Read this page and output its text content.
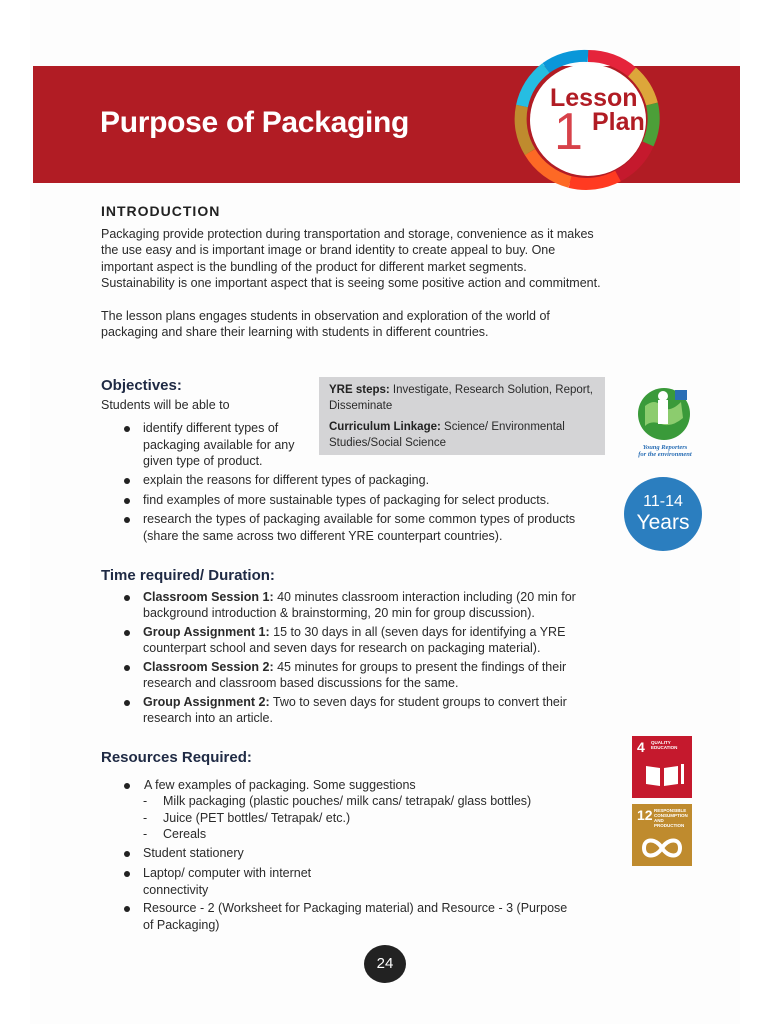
Purpose of Packaging
Lesson
1 Plan
INTRODUCTION

Packaging provide protection during transportation and storage, convenience as it makes the use easy and is important image or brand identity to create appeal to buy. One important aspect is the bundling of the product for different market segments. Sustainability is one important aspect that is seeing some positive action and commitment.

The lesson plans engages students in observation and exploration of the world of packaging and share their learning with students in different countries.

Objectives:

Students will be able to

identify different types of packaging available for any given type of product.
explain the reasons for different types of packaging.
find examples of more sustainable types of packaging for select products.
research the types of packaging available for some common types of products (share the same across two different YRE counterpart countries).

YRE steps: Investigate, Research Solution, Report, Disseminate

Curriculum Linkage: Science/ Environmental Studies/Social Science	Young Reporters
for the environment
11-14
Years
Time required/ Duration:
Classroom Session 1: 40 minutes classroom interaction including (20 min for background introduction & brainstorming, 20 min for group discussion).
Group Assignment 1: 15 to 30 days in all (seven days for identifying a YRE counterpart school and seven days for research on packaging material).
Classroom Session 2: 45 minutes for groups to present the findings of their research and classroom based discussions for the same.
Group Assignment 2: Two to seven days for student groups to convert their research into an article.
Resources Required:
A few examples of packaging. Some suggestions
- Milk packaging (plastic pouches/ milk cans/ tetrapak/ glass bottles)
- Juice (PET bottles/ Tetrapak/ etc.)
- Cereals
Student stationery
Laptop/ computer with internet
connectivity
Resource - 2 (Worksheet for Packaging material) and Resource - 3 (Purpose of Packaging)
4 QUALITY EDUCATION
12 RESPONSIBLE CONSUMPTION AND PRODUCTION
24
